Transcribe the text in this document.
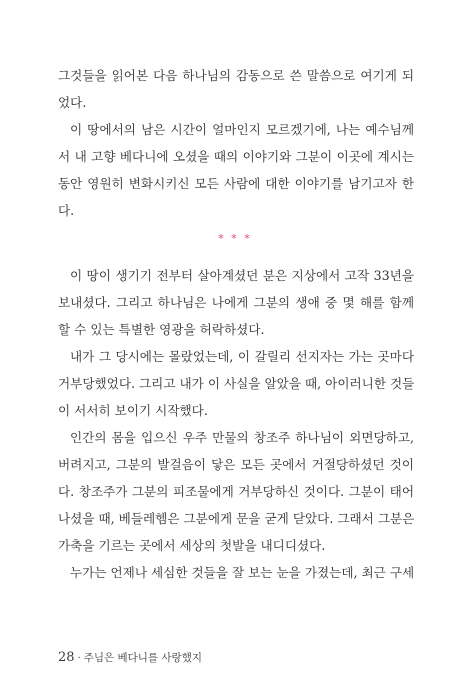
그것들을 읽어본 다음 하나님의 감동으로 쓴 말씀으로 여기게 되
었다.
이 땅에서의 남은 시간이 얼마인지 모르겠기에, 나는 예수님께
서 내 고향 베다니에 오셨을 때의 이야기와 그분이 이곳에 계시는
동안 영원히 변화시키신 모든 사람에 대한 이야기를 남기고자 한
다.
* * *
이 땅이 생기기 전부터 살아계셨던 분은 지상에서 고작 33년을
보내셨다. 그리고 하나님은 나에게 그분의 생애 중 몇 해를 함께
할 수 있는 특별한 영광을 허락하셨다.
내가 그 당시에는 몰랐었는데, 이 갈릴리 선지자는 가는 곳마다
거부당했었다. 그리고 내가 이 사실을 알았을 때, 아이러니한 것들
이 서서히 보이기 시작했다.
인간의 몸을 입으신 우주 만물의 창조주 하나님이 외면당하고,
버려지고, 그분의 발걸음이 닿은 모든 곳에서 거절당하셨던 것이
다. 창조주가 그분의 피조물에게 거부당하신 것이다. 그분이 태어
나셨을 때, 베들레헴은 그분에게 문을 굳게 닫았다. 그래서 그분은
가축을 기르는 곳에서 세상의 첫발을 내디디셨다.
누가는 언제나 세심한 것들을 잘 보는 눈을 가졌는데, 최근 구세
28 · 주님은 베다니를 사랑했지
